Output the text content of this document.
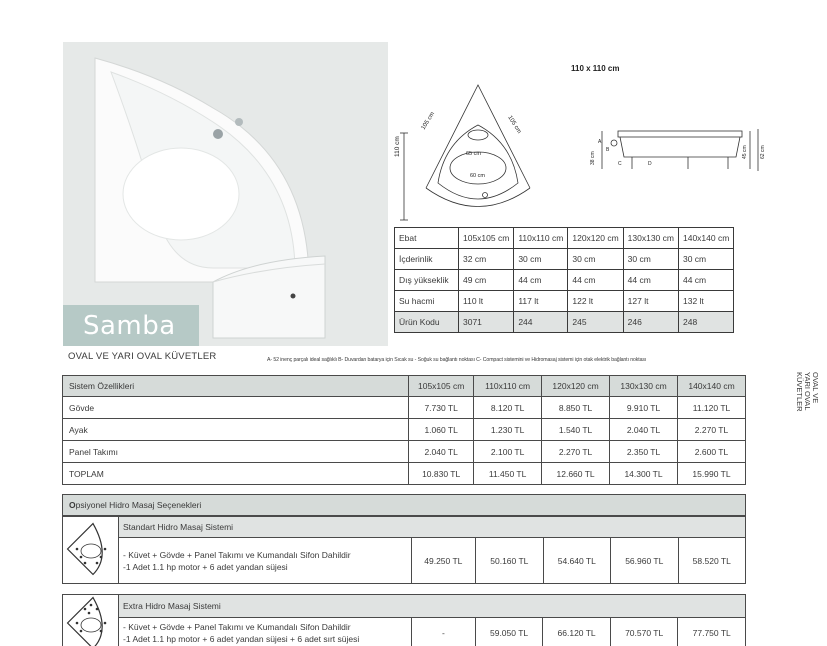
Samba
110 x 110 cm
110 cm
105 cm	105 cm
65 cm
60 cm
A
B
C	D
45 cm 62 cm
38 cm
Ebat	105x105 cm	110x110 cm	120x120 cm	130x130 cm	140x140 cm
İçderinlik	32 cm	30 cm	30 cm	30 cm	30 cm
Dış yükseklik	49 cm	44 cm	44 cm	44 cm	44 cm
Su hacmi	110 lt	117 lt	122 lt	127 lt	132 lt
Ürün Kodu	3071	244	245	246	248
OVAL VE YARI OVAL KÜVETLER	A- 52 inenç parçalı ideal sağlıklı B- Duvardan batarya için Sıcak su - Soğuk su bağlantı noktası C- Compact sistemini ve Hidromasaj sistemi için otak elektrik bağlantı noktası
OVAL VE
YARI OVAL
KÜVETLER
Sistem Özellikleri	105x105 cm	110x110 cm	120x120 cm	130x130 cm	140x140 cm
Gövde	7.730 TL	8.120 TL	8.850 TL	9.910 TL	11.120 TL
Ayak	1.060 TL	1.230 TL	1.540 TL	2.040 TL	2.270 TL
Panel Takımı	2.040 TL	2.100 TL	2.270 TL	2.350 TL	2.600 TL
TOPLAM	10.830 TL	11.450 TL	12.660 TL	14.300 TL	15.990 TL
Opsiyonel Hidro Masaj Seçenekleri
	Standart Hidro Masaj Sistemi					

	- Küvet + Gövde + Panel Takımı ve Kumandalı Sifon Dahildir
-1 Adet 1.1 hp motor + 6 adet yandan süjesi	49.250 TL	50.160 TL	54.640 TL	56.960 TL	58.520 TL
	Extra Hidro Masaj Sistemi					

	- Küvet + Gövde + Panel Takımı ve Kumandalı Sifon Dahildir
-1 Adet 1.1 hp motor + 6 adet yandan süjesi + 6 adet sırt süjesi	-	59.050 TL	66.120 TL	70.570 TL	77.750 TL
